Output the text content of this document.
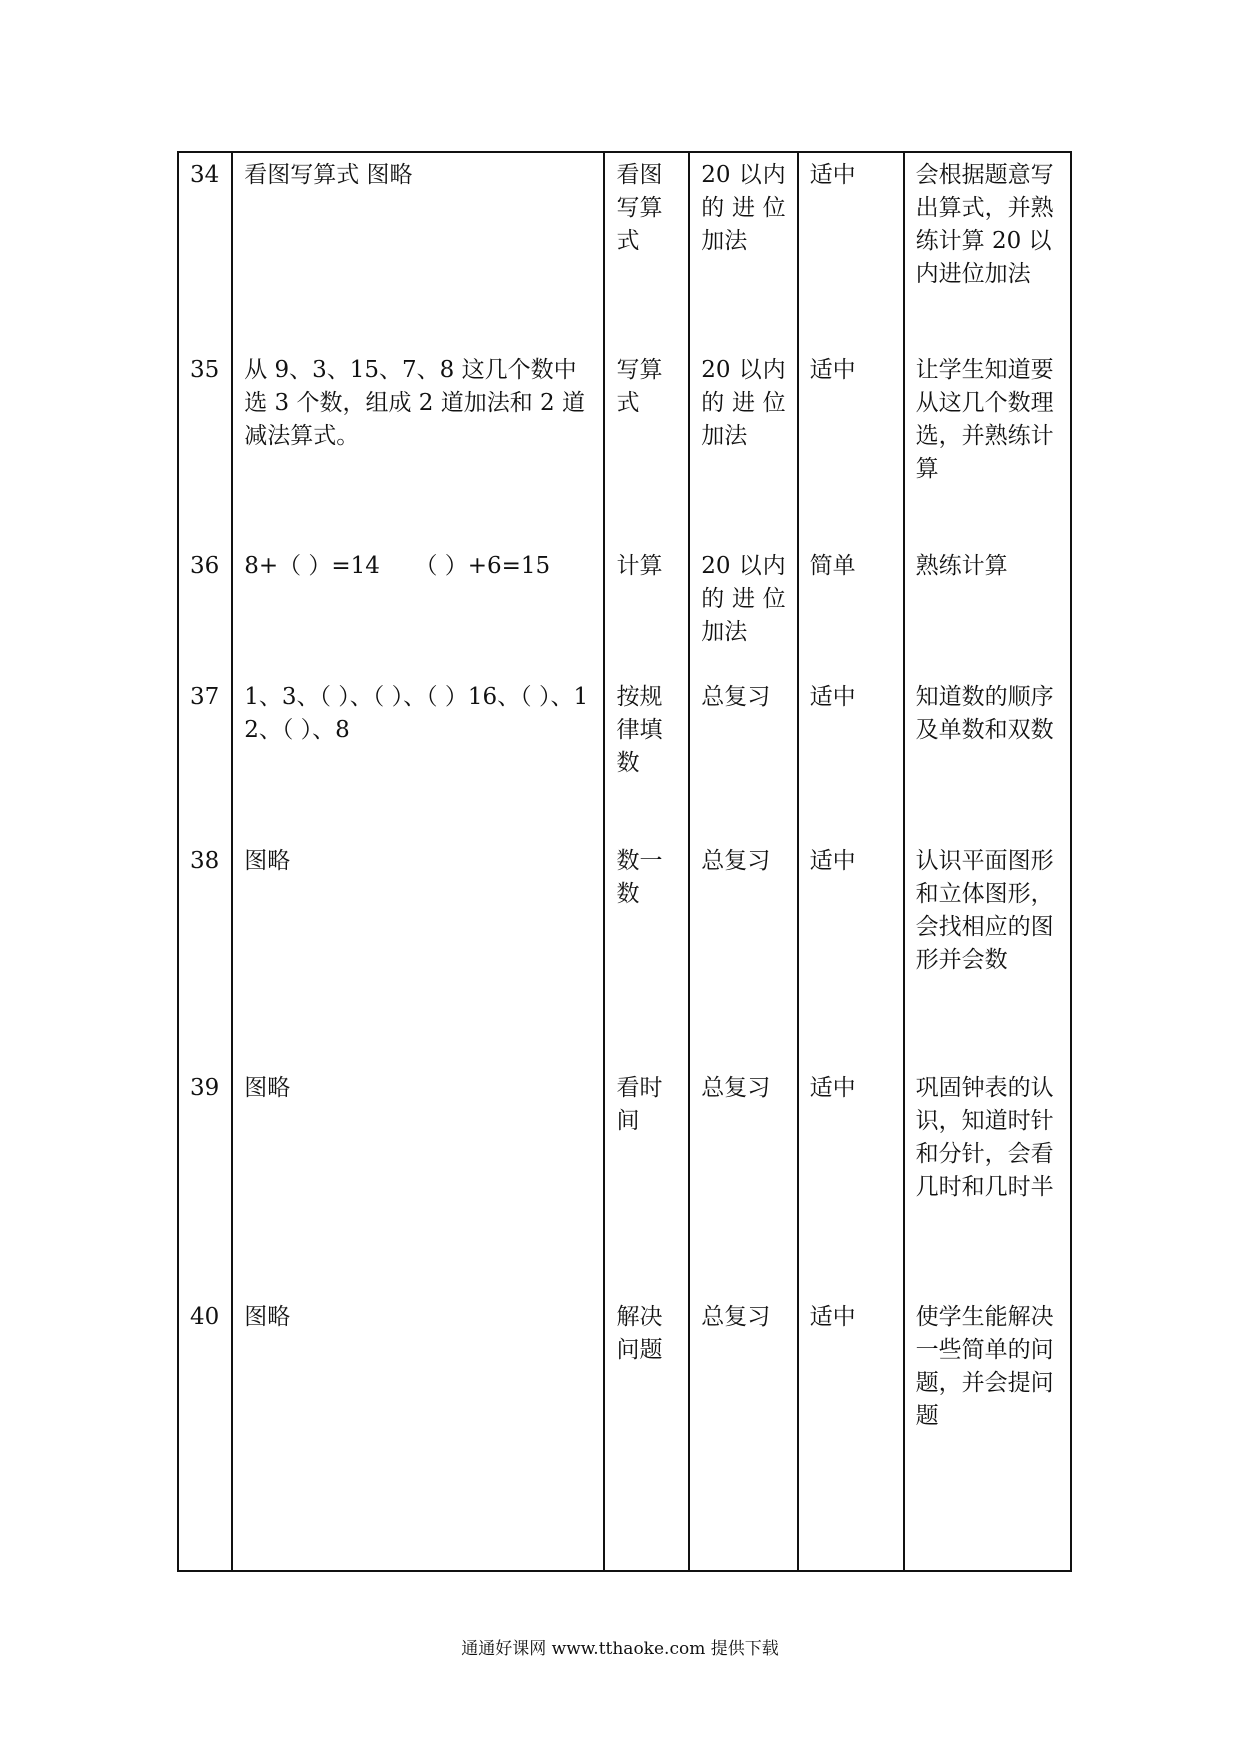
34	看图写算式 图略	看图写算式	20 以内的进位加法	适中	会根据题意写出算式，并熟练计算 20 以内进位加法
35	从 9、3、15、7、8 这几个数中选 3 个数，组成 2 道加法和 2 道减法算式。	写算式	20 以内的进位加法	适中	让学生知道要从这几个数理选，并熟练计算
36	8+（ ）=14　　（ ）+6=15	计算	20 以内的进位加法	简单	熟练计算
37	1、3、（ ）、（ ）、（ ）16、（ ）、12、（ ）、8	按规律填数	总复习	适中	知道数的顺序及单数和双数
38	图略	数一数	总复习	适中	认识平面图形和立体图形，会找相应的图形并会数
39	图略	看时间	总复习	适中	巩固钟表的认识，知道时针和分针，会看几时和几时半
40	图略	解决问题	总复习	适中	使学生能解决一些简单的问题，并会提问题
通通好课网 www.tthaoke.com 提供下载
